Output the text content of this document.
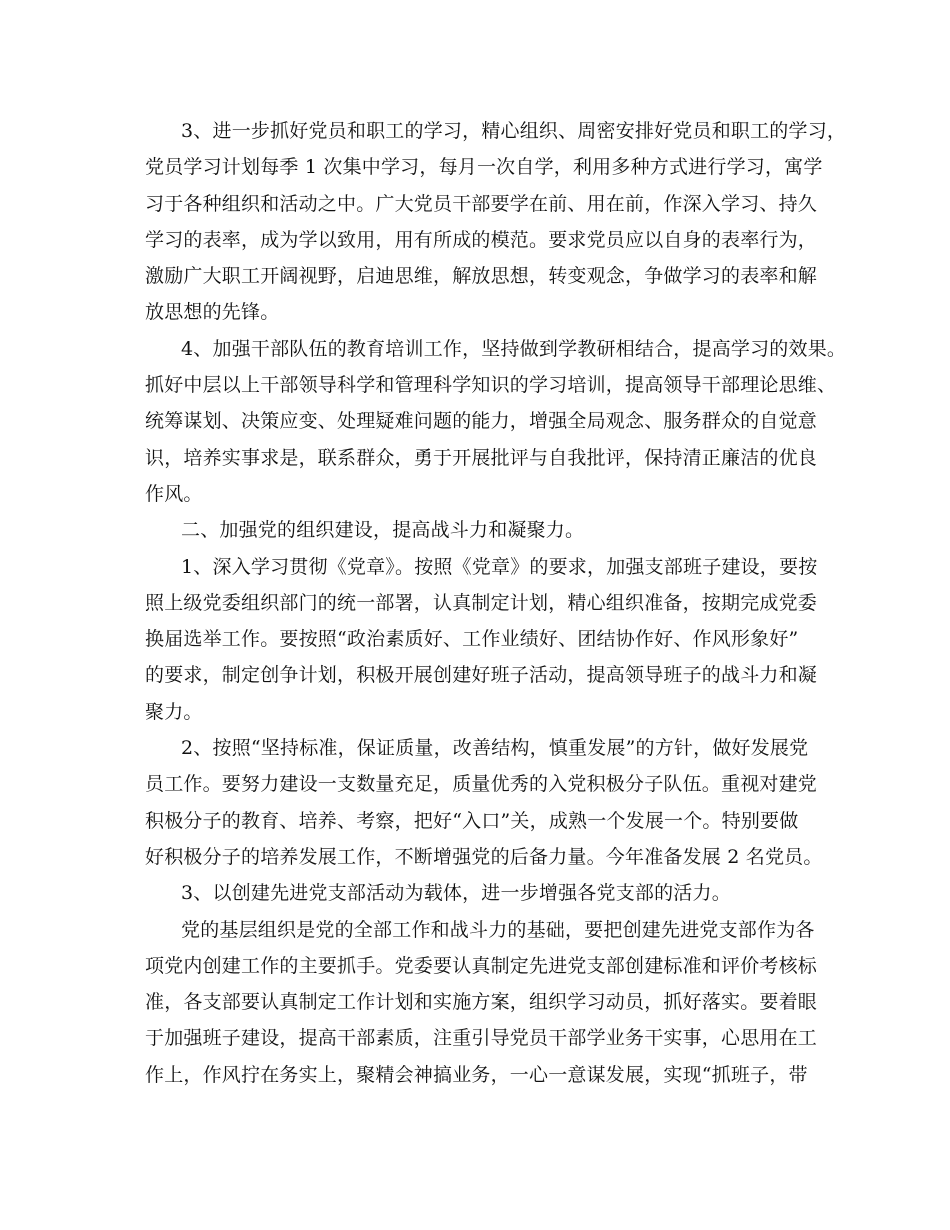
3、进一步抓好党员和职工的学习，精心组织、周密安排好党员和职工的学习，
党员学习计划每季 1 次集中学习，每月一次自学，利用多种方式进行学习，寓学
习于各种组织和活动之中。广大党员干部要学在前、用在前，作深入学习、持久
学习的表率，成为学以致用，用有所成的模范。要求党员应以自身的表率行为，
激励广大职工开阔视野，启迪思维，解放思想，转变观念，争做学习的表率和解
放思想的先锋。
4、加强干部队伍的教育培训工作，坚持做到学教研相结合，提高学习的效果。
抓好中层以上干部领导科学和管理科学知识的学习培训，提高领导干部理论思维、
统筹谋划、决策应变、处理疑难问题的能力，增强全局观念、服务群众的自觉意
识，培养实事求是，联系群众，勇于开展批评与自我批评，保持清正廉洁的优良
作风。
二、加强党的组织建设，提高战斗力和凝聚力。
1、深入学习贯彻《党章》。按照《党章》的要求，加强支部班子建设，要按
照上级党委组织部门的统一部署，认真制定计划，精心组织准备，按期完成党委
换届选举工作。要按照“政治素质好、工作业绩好、团结协作好、作风形象好”
的要求，制定创争计划，积极开展创建好班子活动，提高领导班子的战斗力和凝
聚力。
2、按照“坚持标准，保证质量，改善结构，慎重发展”的方针，做好发展党
员工作。要努力建设一支数量充足，质量优秀的入党积极分子队伍。重视对建党
积极分子的教育、培养、考察，把好“入口”关，成熟一个发展一个。特别要做
好积极分子的培养发展工作，不断增强党的后备力量。今年准备发展 2 名党员。
3、以创建先进党支部活动为载体，进一步增强各党支部的活力。
党的基层组织是党的全部工作和战斗力的基础，要把创建先进党支部作为各
项党内创建工作的主要抓手。党委要认真制定先进党支部创建标准和评价考核标
准，各支部要认真制定工作计划和实施方案，组织学习动员，抓好落实。要着眼
于加强班子建设，提高干部素质，注重引导党员干部学业务干实事，心思用在工
作上，作风拧在务实上，聚精会神搞业务，一心一意谋发展，实现“抓班子，带
